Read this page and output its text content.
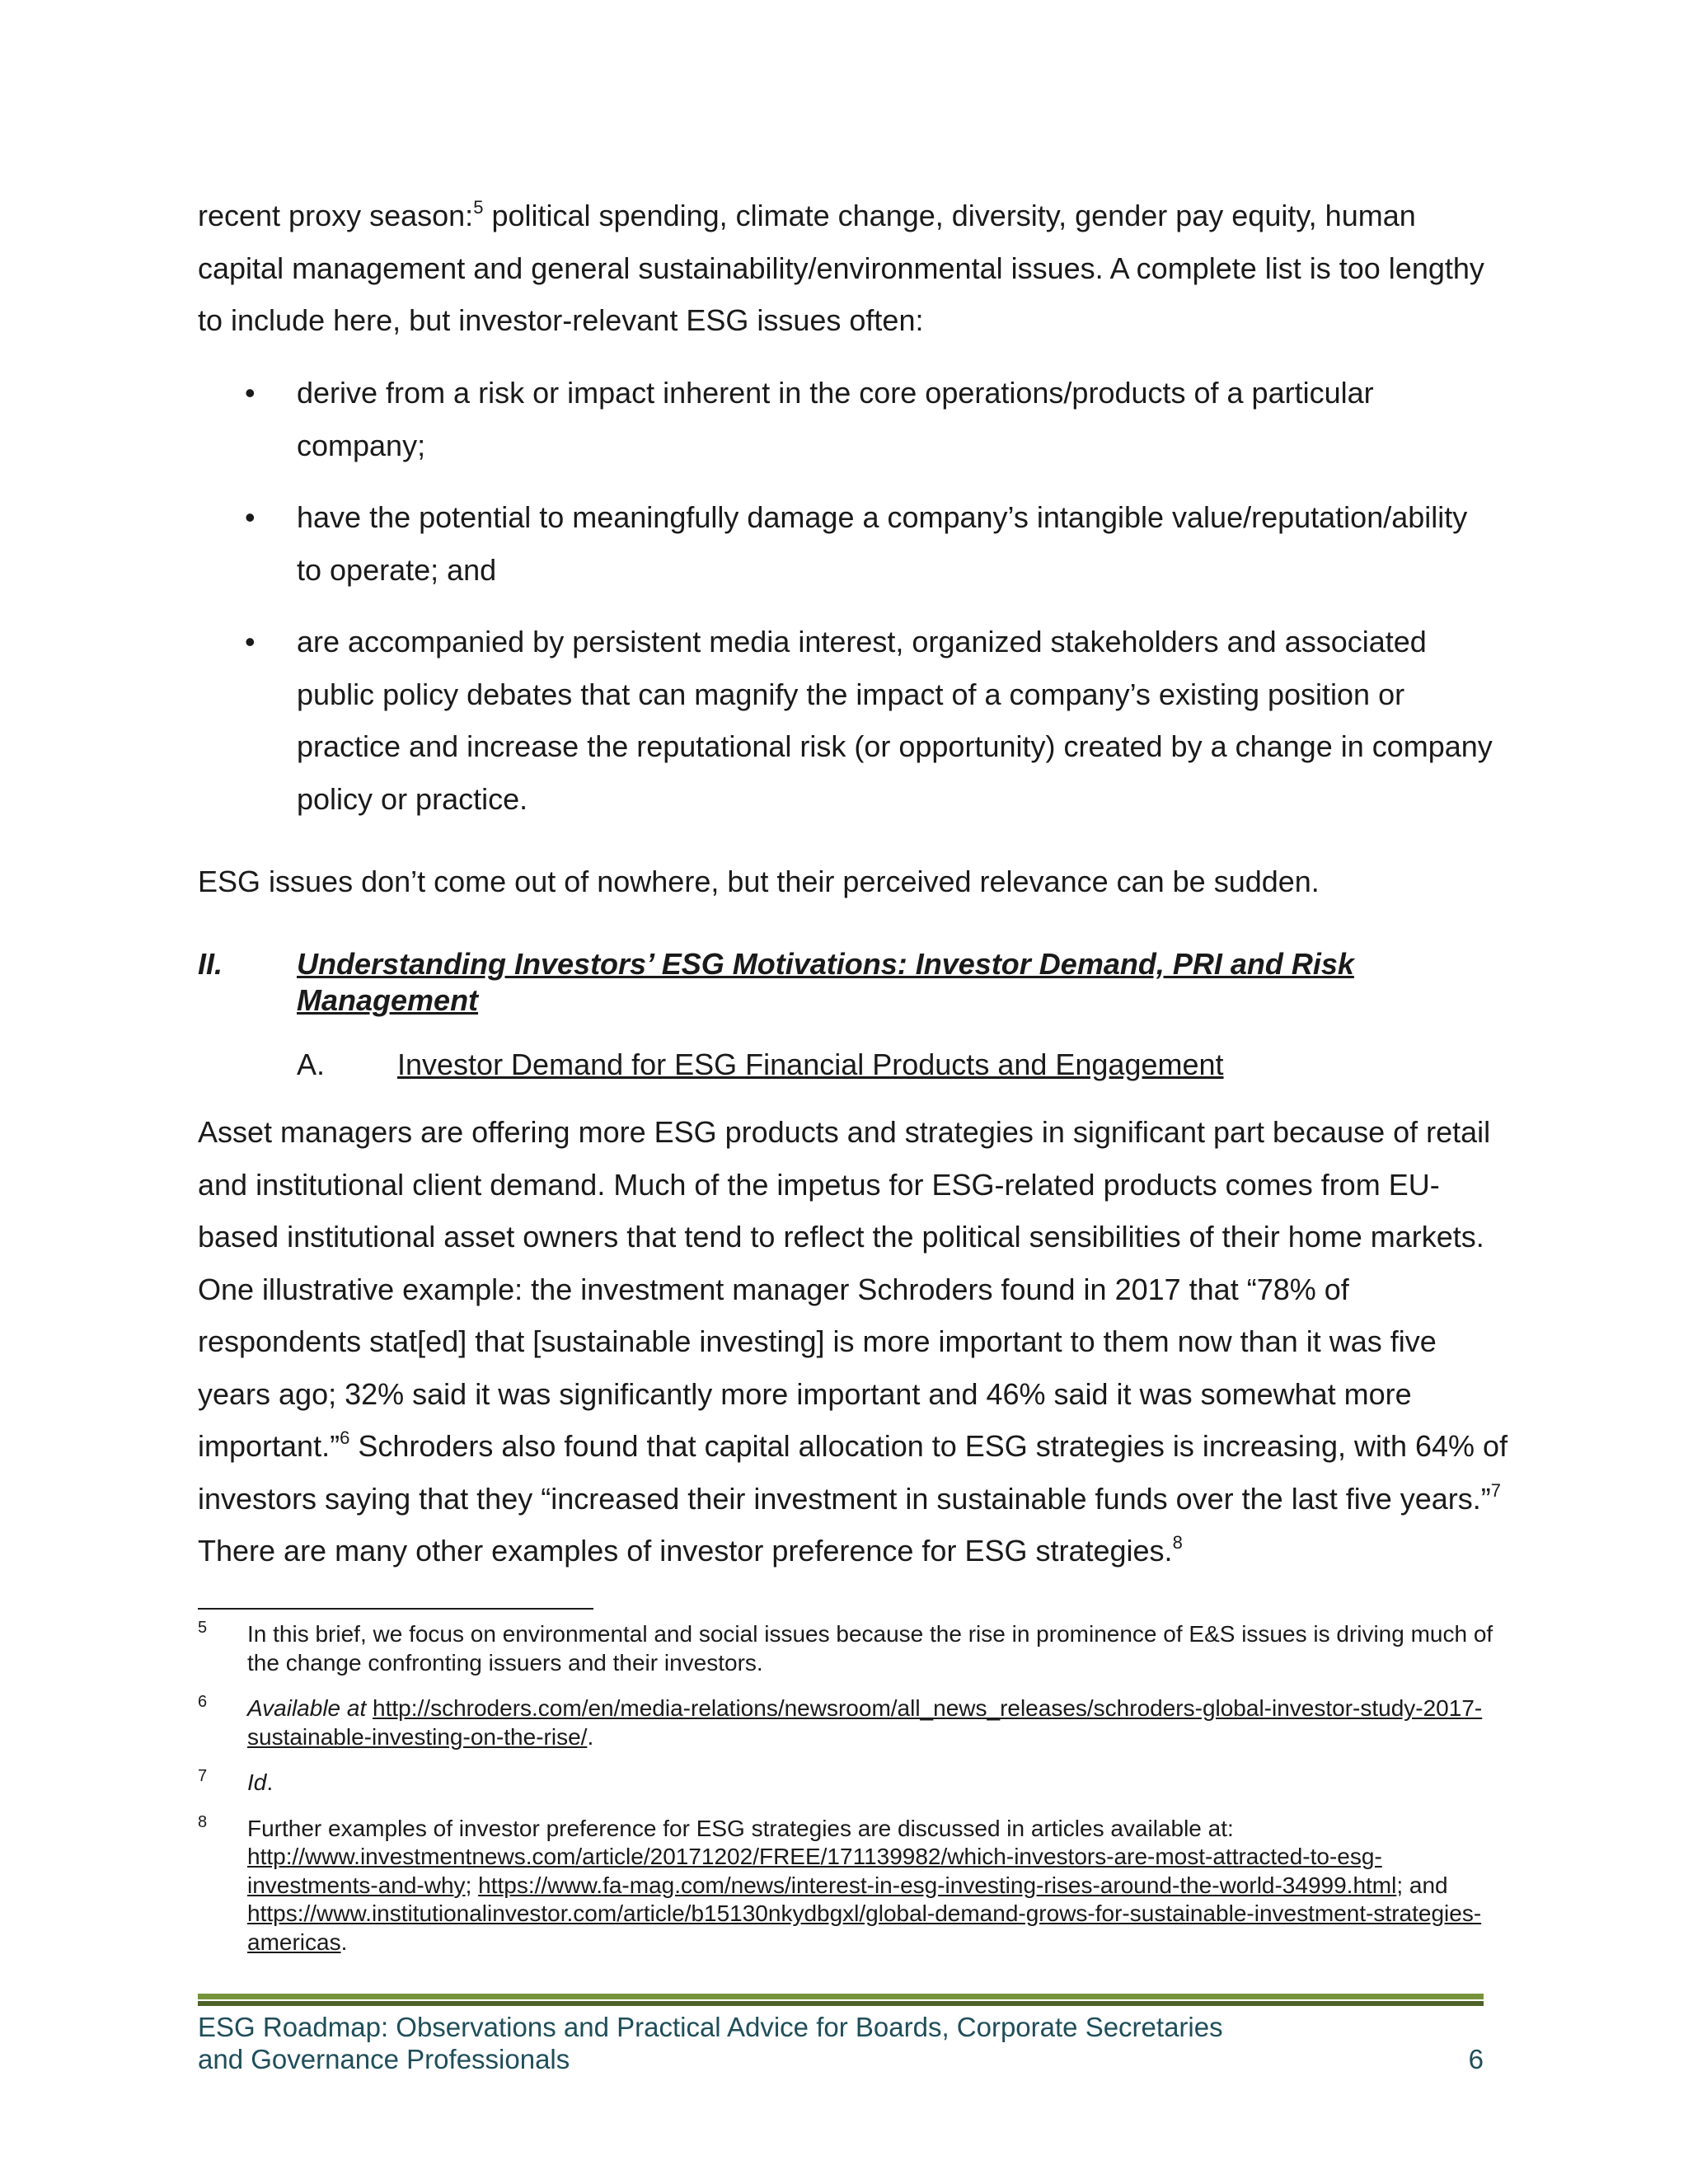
recent proxy season:$^5$ political spending, climate change, diversity, gender pay equity, human capital management and general sustainability/environmental issues. A complete list is too lengthy to include here, but investor-relevant ESG issues often:

• derive from a risk or impact inherent in the core operations/products of a particular company;
• have the potential to meaningfully damage a company’s intangible value/reputation/ability to operate; and
• are accompanied by persistent media interest, organized stakeholders and associated public policy debates that can magnify the impact of a company’s existing position or practice and increase the reputational risk (or opportunity) created by a change in company policy or practice.

ESG issues don’t come out of nowhere, but their perceived relevance can be sudden.

II. Understanding Investors’ ESG Motivations: Investor Demand, PRI and Risk Management
A. Investor Demand for ESG Financial Products and Engagement

Asset managers are offering more ESG products and strategies in significant part because of retail and institutional client demand. Much of the impetus for ESG-related products comes from EU-based institutional asset owners that tend to reflect the political sensibilities of their home markets. One illustrative example: the investment manager Schroders found in 2017 that “78% of respondents stat[ed] that [sustainable investing] is more important to them now than it was five years ago; 32% said it was significantly more important and 46% said it was somewhat more important.”$^6$ Schroders also found that capital allocation to ESG strategies is increasing, with 64% of investors saying that they “increased their investment in sustainable funds over the last five years.”$^7$ There are many other examples of investor preference for ESG strategies.$^8$

5 In this brief, we focus on environmental and social issues because the rise in prominence of E&S issues is driving much of the change confronting issuers and their investors.
6 Available at http://schroders.com/en/media-relations/newsroom/all_news_releases/schroders-global-investor-study-2017-sustainable-investing-on-the-rise/.
7 Id.
8 Further examples of investor preference for ESG strategies are discussed in articles available at: http://www.investmentnews.com/article/20171202/FREE/171139982/which-investors-are-most-attracted-to-esg-investments-and-why; https://www.fa-mag.com/news/interest-in-esg-investing-rises-around-the-world-34999.html; and https://www.institutionalinvestor.com/article/b15130nkydbgxl/global-demand-grows-for-sustainable-investment-strategies-americas.
ESG Roadmap: Observations and Practical Advice for Boards, Corporate Secretaries
and Governance Professionals	6
